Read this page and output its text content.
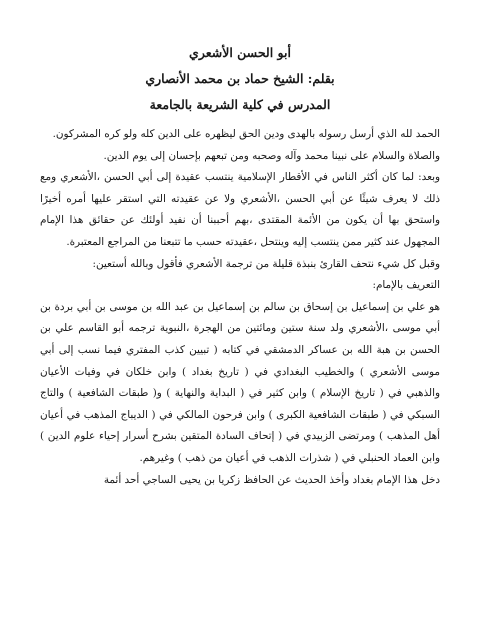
أبو الحسن الأشعري
بقلم: الشيخ حماد بن محمد الأنصاري
المدرس في كلية الشريعة بالجامعة

الحمد لله الذي أرسل رسوله بالهدى ودين الحق ليظهره على الدين كله ولو كره المشركون.

والصلاة والسلام على نبينا محمد وآله وصحبه ومن تبعهم بإحسان إلى يوم الدين.

وبعد: لما كان أكثر الناس في الأقطار الإسلامية ينتسب عقيدة إلى أبي الحسن ،الأشعري ومع ذلك لا يعرف شيئًا عن أبي الحسن ،الأشعري ولا عن عقيدته التي استقر عليها أمره أخيرًا واستحق بها أن يكون من الأئمة المقتدى ،بهم أحببنا أن نفيد أولئك عن حقائق هذا الإمام المجهول عند كثير ممن ينتسب إليه وينتحل ،عقيدته حسب ما تتبعنا من المراجع المعتبرة.

وقبل كل شيء نتحف القارئ بنبذة قليلة من ترجمة الأشعري فأقول وبالله أستعين:

التعريف بالإمام:

هو علي بن إسماعيل بن إسحاق بن سالم بن إسماعيل بن عبد الله بن موسى بن أبي بردة بن أبي موسى ،الأشعري ولد سنة ستين ومائتين من الهجرة ،النبوية ترجمه أبو القاسم علي بن الحسن بن هبة الله بن عساكر الدمشقي في كتابه ( تبيين كذب المفتري فيما نسب إلى أبي موسى الأشعري ) والخطيب البغدادي في ( تاريخ بغداد ) وابن خلكان في وفيات الأعيان والذهبي في ( تاريخ الإسلام ) وابن كثير في ( البداية والنهاية ) و( طبقات الشافعية ) والتاج السبكي في ( طبقات الشافعية الكبرى ) وابن فرحون المالكي في ( الديباج المذهب في أعيان أهل المذهب ) ومرتضى الزبيدي في ( إتحاف السادة المتقين بشرح أسرار إحياء علوم الدين ) وابن العماد الحنبلي في ( شذرات الذهب في أعيان من ذهب ) وغيرهم.

دخل هذا الإمام بغداد وأخذ الحديث عن الحافظ زكريا بن يحيى الساجي أحد أئمة
